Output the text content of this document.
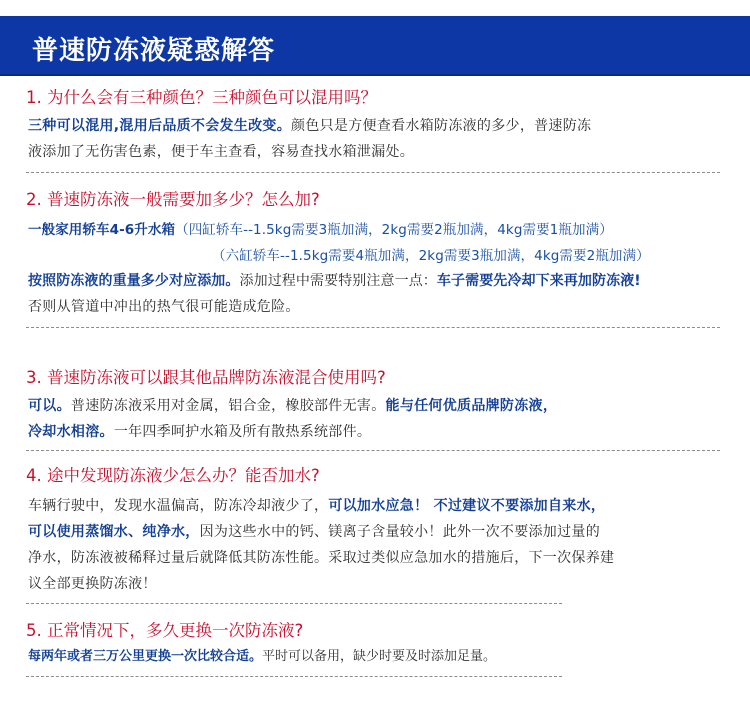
普速防冻液疑惑解答
1. 为什么会有三种颜色？三种颜色可以混用吗？
三种可以混用,混用后品质不会发生改变。颜色只是方便查看水箱防冻液的多少，普速防冻
液添加了无伤害色素，便于车主查看，容易查找水箱泄漏处。
2. 普速防冻液一般需要加多少？怎么加?
一般家用轿车4-6升水箱（四缸轿车--1.5kg需要3瓶加满，2kg需要2瓶加满，4kg需要1瓶加满）
（六缸轿车--1.5kg需要4瓶加满，2kg需要3瓶加满，4kg需要2瓶加满）
按照防冻液的重量多少对应添加。添加过程中需要特别注意一点：车子需要先冷却下来再加防冻液!
否则从管道中冲出的热气很可能造成危险。
3. 普速防冻液可以跟其他品牌防冻液混合使用吗?
可以。普速防冻液采用对金属，铝合金，橡胶部件无害。能与任何优质品牌防冻液，
冷却水相溶。一年四季呵护水箱及所有散热系统部件。
4. 途中发现防冻液少怎么办？能否加水?
车辆行驶中，发现水温偏高，防冻冷却液少了，可以加水应急！ 不过建议不要添加自来水，
可以使用蒸馏水、纯净水，因为这些水中的钙、镁离子含量较小！此外一次不要添加过量的
净水，防冻液被稀释过量后就降低其防冻性能。采取过类似应急加水的措施后，下一次保养建
议全部更换防冻液！
5. 正常情况下，多久更换一次防冻液?
每两年或者三万公里更换一次比较合适。平时可以备用，缺少时要及时添加足量。
